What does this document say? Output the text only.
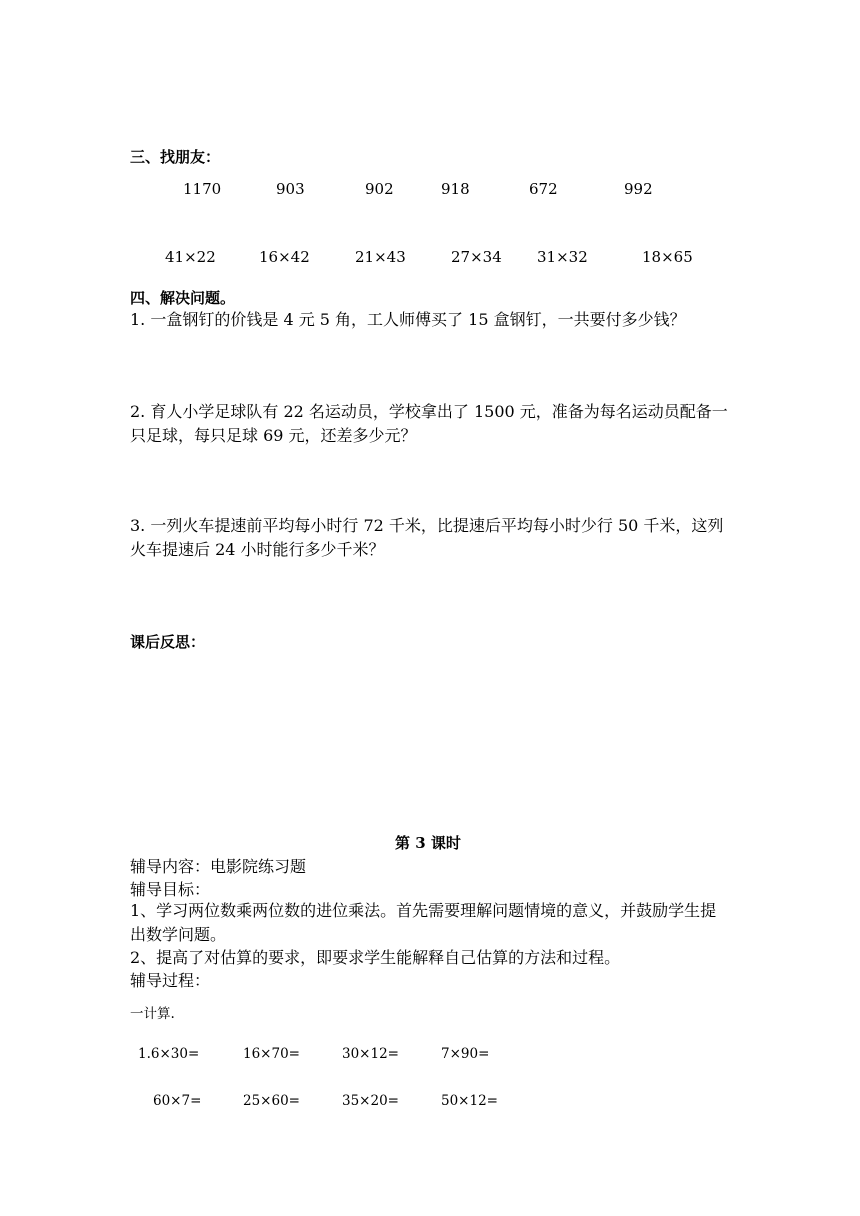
三、找朋友：
1170	903	902	918	672	992
41×22	16×42	21×43	27×34 31×32	18×65
四、解决问题。
1. 一盒钢钉的价钱是 4 元 5 角，工人师傅买了 15 盒钢钉，一共要付多少钱？
2. 育人小学足球队有 22 名运动员，学校拿出了 1500 元，准备为每名运动员配备一只足球，每只足球 69 元，还差多少元？
3. 一列火车提速前平均每小时行 72 千米，比提速后平均每小时少行 50 千米，这列火车提速后 24 小时能行多少千米？
课后反思：
第 3 课时
辅导内容：电影院练习题
辅导目标：
1、学习两位数乘两位数的进位乘法。首先需要理解问题情境的意义，并鼓励学生提出数学问题。
2、提高了对估算的要求，即要求学生能解释自己估算的方法和过程。
辅导过程：
一计算.
1.6×30=	16×70=	30×12=	7×90=
60×7=	25×60=	35×20=	50×12=
